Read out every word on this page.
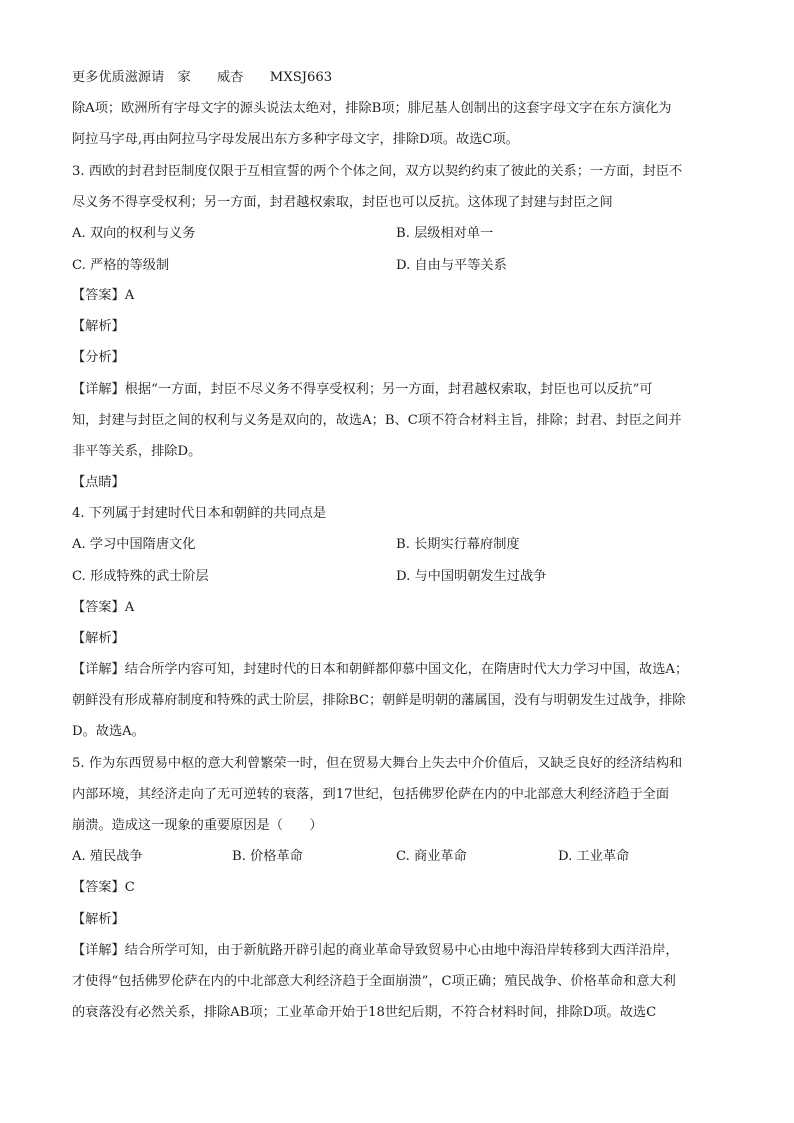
更多优质滋源请　家　　威杏　　MXSJ663
除A项；欧洲所有字母文字的源头说法太绝对，排除B项；腓尼基人创制出的这套字母文字在东方演化为
阿拉马字母,再由阿拉马字母发展出东方多种字母文字，排除D项。故选C项。
3. 西欧的封君封臣制度仅限于互相宣誓的两个个体之间，双方以契约约束了彼此的关系；一方面，封臣不
尽义务不得享受权利；另一方面，封君越权索取，封臣也可以反抗。这体现了封建与封臣之间
A. 双向的权利与义务	B. 层级相对单一
C. 严格的等级制	D. 自由与平等关系
【答案】A
【解析】
【分析】
【详解】根据“一方面，封臣不尽义务不得享受权利；另一方面，封君越权索取，封臣也可以反抗”可
知，封建与封臣之间的权利与义务是双向的，故选A；B、C项不符合材料主旨，排除；封君、封臣之间并
非平等关系，排除D。
【点睛】
4. 下列属于封建时代日本和朝鲜的共同点是
A. 学习中国隋唐文化	B. 长期实行幕府制度
C. 形成特殊的武士阶层	D. 与中国明朝发生过战争
【答案】A
【解析】
【详解】结合所学内容可知，封建时代的日本和朝鲜都仰慕中国文化，在隋唐时代大力学习中国，故选A；
朝鲜没有形成幕府制度和特殊的武士阶层，排除BC；朝鲜是明朝的藩属国，没有与明朝发生过战争，排除
D。故选A。
5. 作为东西贸易中枢的意大利曾繁荣一时，但在贸易大舞台上失去中介价值后，又缺乏良好的经济结构和
内部环境，其经济走向了无可逆转的衰落，到17世纪，包括佛罗伦萨在内的中北部意大利经济趋于全面
崩溃。造成这一现象的重要原因是（　　）
A. 殖民战争	B. 价格革命	C. 商业革命	D. 工业革命
【答案】C
【解析】
【详解】结合所学可知，由于新航路开辟引起的商业革命导致贸易中心由地中海沿岸转移到大西洋沿岸，
才使得“包括佛罗伦萨在内的中北部意大利经济趋于全面崩溃”，C项正确；殖民战争、价格革命和意大利
的衰落没有必然关系，排除AB项；工业革命开始于18世纪后期，不符合材料时间，排除D项。故选C
